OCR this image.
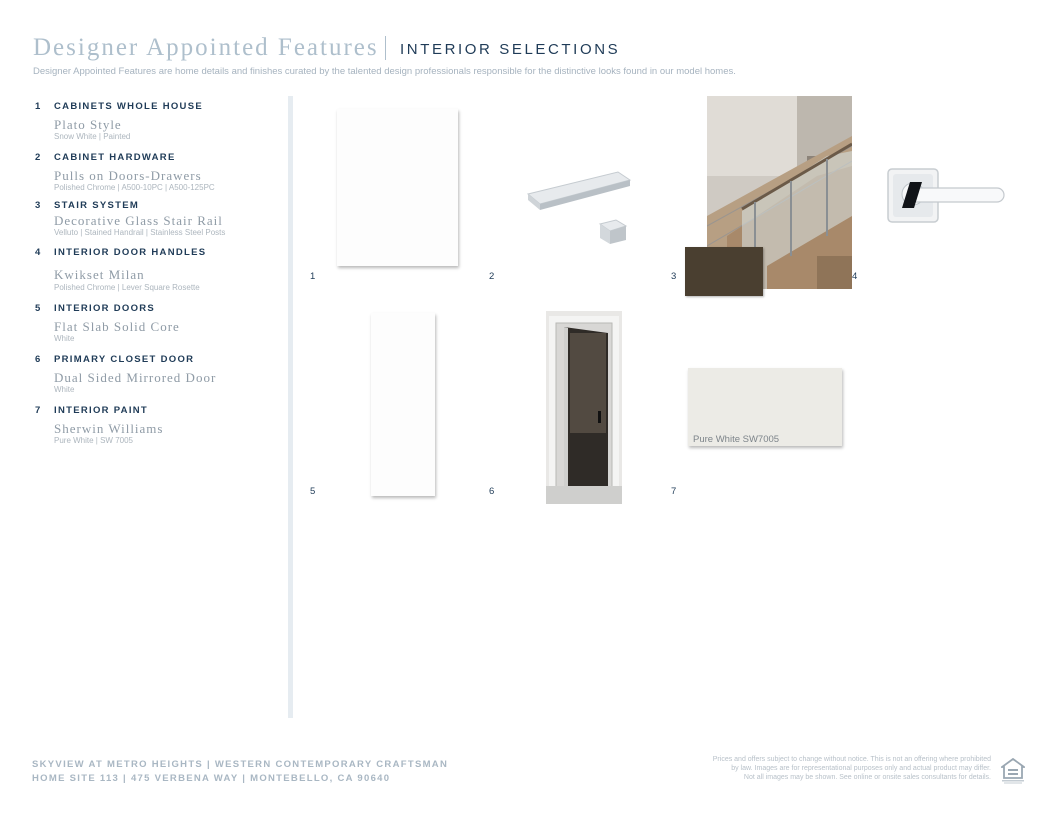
Designer Appointed Features INTERIOR SELECTIONS
Designer Appointed Features are home details and finishes curated by the talented design professionals responsible for the distinctive looks found in our model homes.
1 CABINETS WHOLE HOUSE
Plato Style
Snow White | Painted
2 CABINET HARDWARE
Pulls on Doors-Drawers
Polished Chrome | A500-10PC | A500-125PC
3 STAIR SYSTEM
Decorative Glass Stair Rail
Velluto | Stained Handrail | Stainless Steel Posts
4 INTERIOR DOOR HANDLES
Kwikset Milan
Polished Chrome | Lever Square Rosette
5 INTERIOR DOORS
Flat Slab Solid Core
White
6 PRIMARY CLOSET DOOR
Dual Sided Mirrored Door
White
7 INTERIOR PAINT
Sherwin Williams
Pure White | SW 7005
1	2	3	4
5	6
Pure White SW7005
7
SKYVIEW AT METRO HEIGHTS | WESTERN CONTEMPORARY CRAFTSMAN
HOME SITE 113 | 475 VERBENA WAY | MONTEBELLO, CA 90640
Prices and offers subject to change without notice. This is not an offering where prohibited
by law. Images are for representational purposes only and actual product may differ.
Not all images may be shown. See online or onsite sales consultants for details.
